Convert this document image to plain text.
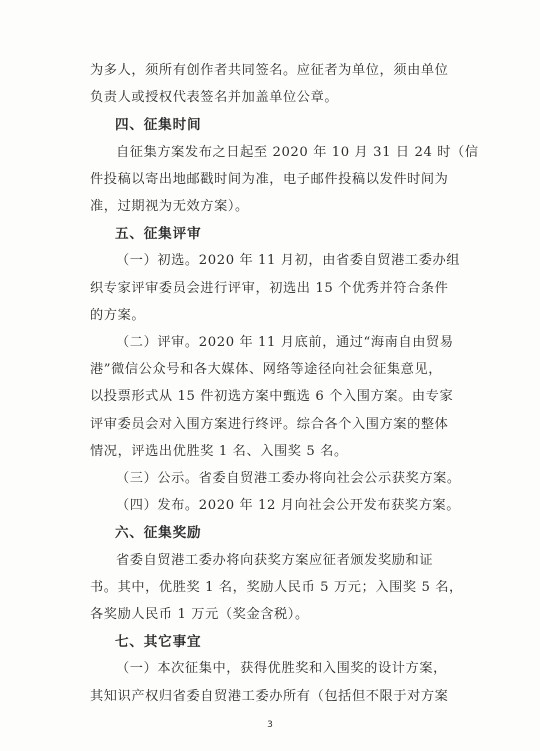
为多人，须所有创作者共同签名。应征者为单位，须由单位
负责人或授权代表签名并加盖单位公章。
四、征集时间
自征集方案发布之日起至 2020 年 10 月 31 日 24 时（信
件投稿以寄出地邮戳时间为准，电子邮件投稿以发件时间为
准，过期视为无效方案）。
五、征集评审
（一）初选。2020 年 11 月初，由省委自贸港工委办组
织专家评审委员会进行评审，初选出 15 个优秀并符合条件
的方案。
（二）评审。2020 年 11 月底前，通过“海南自由贸易
港”微信公众号和各大媒体、网络等途径向社会征集意见，
以投票形式从 15 件初选方案中甄选 6 个入围方案。由专家
评审委员会对入围方案进行终评。综合各个入围方案的整体
情况，评选出优胜奖 1 名、入围奖 5 名。
（三）公示。省委自贸港工委办将向社会公示获奖方案。
（四）发布。2020 年 12 月向社会公开发布获奖方案。
六、征集奖励
省委自贸港工委办将向获奖方案应征者颁发奖励和证
书。其中，优胜奖 1 名，奖励人民币 5 万元；入围奖 5 名，
各奖励人民币 1 万元（奖金含税）。
七、其它事宜
（一）本次征集中，获得优胜奖和入围奖的设计方案，
其知识产权归省委自贸港工委办所有（包括但不限于对方案
3
